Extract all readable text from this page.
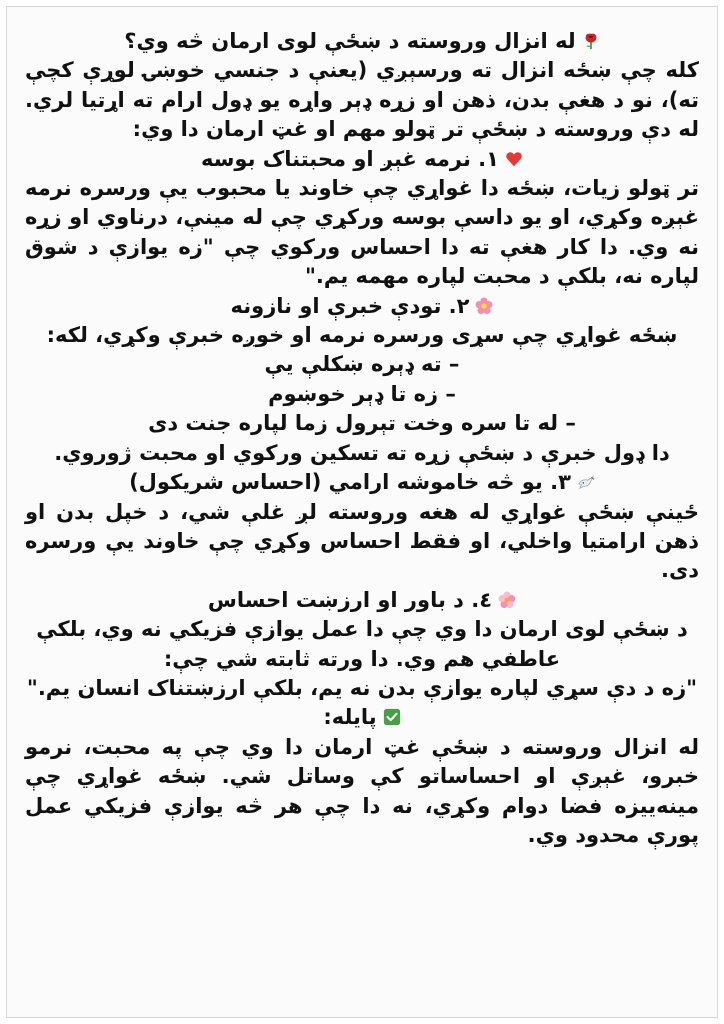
له انزال وروسته د ښځې لوی ارمان څه وي؟

کله چې ښځه انزال ته ورسېږي (یعنې د جنسي خوښۍ لوړې کچې ته)، نو د هغې بدن، ذهن او زړه ډېر واړه یو ډول ارام ته اړتیا لري. له دې وروسته د ښځې تر ټولو مهم او غټ ارمان دا وي:

١. نرمه غېږ او محبتناک بوسه

تر ټولو زیات، ښځه دا غواړي چې خاوند یا محبوب یې ورسره نرمه غېږه وکړي، او یو داسې بوسه ورکړي چې له مینې، درناوي او زړه نه وي. دا کار هغې ته دا احساس ورکوي چې "زه یوازې د شوق لپاره نه، بلکې د محبت لپاره مهمه یم."

٢. تودې خبرې او نازونه

ښځه غواړي چې سړی ورسره نرمه او خوږه خبرې وکړي، لکه:

– ته ډېره ښکلې یې

– زه تا ډېر خوښوم

– له تا سره وخت تېرول زما لپاره جنت دی

دا ډول خبرې د ښځې زړه ته تسکین ورکوي او محبت ژوروي.

٣. یو څه خاموشه ارامي (احساس شریکول)

ځینې ښځې غواړي له هغه وروسته لږ غلې شي، د خپل بدن او ذهن ارامتیا واخلي، او فقط احساس وکړي چې خاوند یې ورسره دی.

٤. د باور او ارزښت احساس

د ښځې لوی ارمان دا وي چې دا عمل یوازې فزیکي نه وي، بلکې عاطفي هم وي. دا ورته ثابته شي چې:

"زه د دې سړي لپاره یوازې بدن نه یم، بلکې ارزښتناک انسان یم."

پایله:

له انزال وروسته د ښځې غټ ارمان دا وي چې په محبت، نرمو خبرو، غېږې او احساساتو کې وساتل شي. ښځه غواړي چې مینه‌ییزه فضا دوام وکړي، نه دا چې هر څه یوازې فزیکي عمل پورې محدود وي.
